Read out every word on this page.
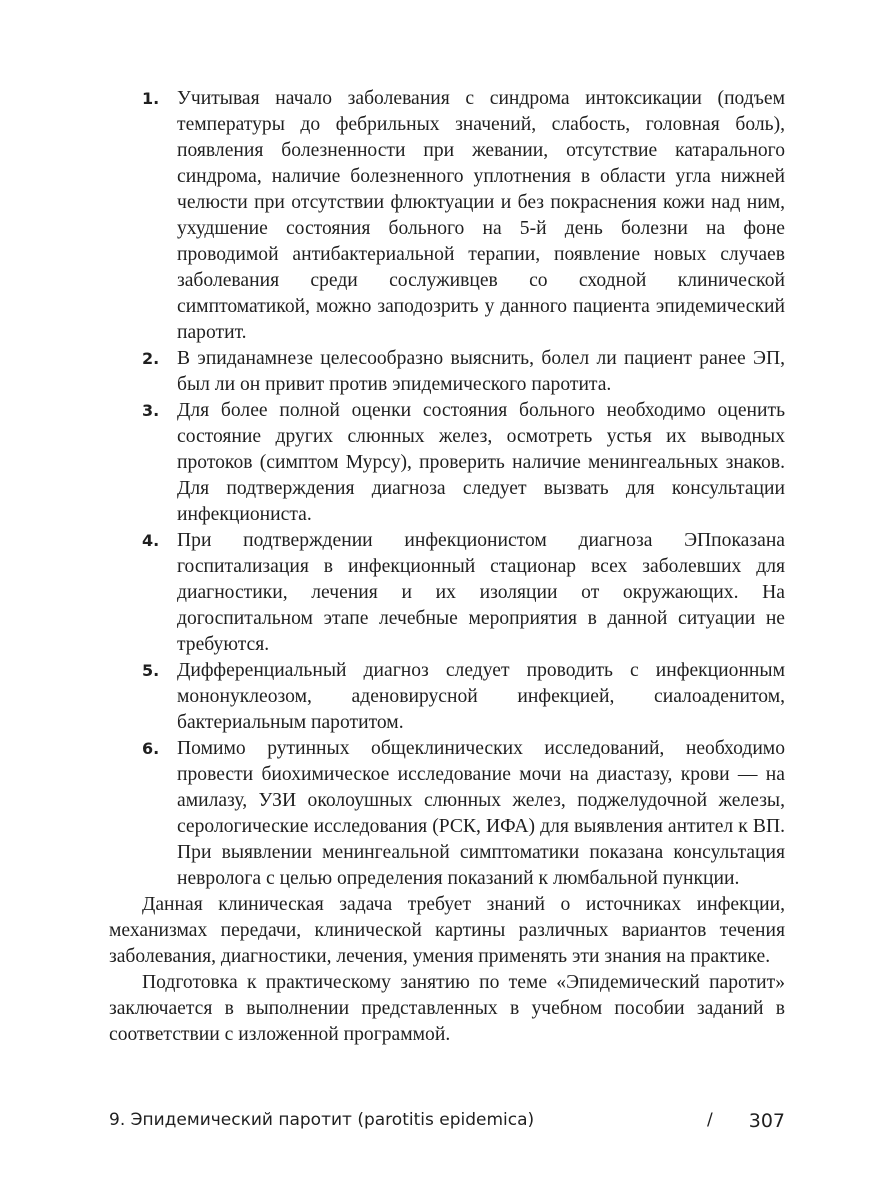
1. Учитывая начало заболевания с синдрома интоксикации (подъем температуры до фебрильных значений, слабость, головная боль), появления болезненности при жевании, отсутствие катарального синдрома, наличие болезненного уплотнения в области угла нижней челюсти при отсутствии флюктуации и без покраснения кожи над ним, ухудшение состояния больного на 5-й день болезни на фоне проводимой антибактериальной терапии, появление новых случаев заболевания среди сослуживцев со сходной клинической симптоматикой, можно заподозрить у данного пациента эпидемический паротит.
2. В эпиданамнезе целесообразно выяснить, болел ли пациент ранее ЭП, был ли он привит против эпидемического паротита.
3. Для более полной оценки состояния больного необходимо оценить состояние других слюнных желез, осмотреть устья их выводных протоков (симптом Мурсу), проверить наличие менингеальных знаков. Для подтверждения диагноза следует вызвать для консультации инфекциониста.
4. При подтверждении инфекционистом диагноза ЭПпоказана госпитализация в инфекционный стационар всех заболевших для диагностики, лечения и их изоляции от окружающих. На догоспитальном этапе лечебные мероприятия в данной ситуации не требуются.
5. Дифференциальный диагноз следует проводить с инфекционным мононуклеозом, аденовирусной инфекцией, сиалоаденитом, бактериальным паротитом.
6. Помимо рутинных общеклинических исследований, необходимо провести биохимическое исследование мочи на диастазу, крови — на амилазу, УЗИ околоушных слюнных желез, поджелудочной железы, серологические исследования (РСК, ИФА) для выявления антител к ВП. При выявлении менингеальной симптоматики показана консультация невролога с целью определения показаний к люмбальной пункции.

Данная клиническая задача требует знаний о источниках инфекции, механизмах передачи, клинической картины различных вариантов течения заболевания, диагностики, лечения, умения применять эти знания на практике.

Подготовка к практическому занятию по теме «Эпидемический паротит» заключается в выполнении представленных в учебном пособии заданий в соответствии с изложенной программой.

9. Эпидемический паротит (parotitis epidemica)	/ 307
